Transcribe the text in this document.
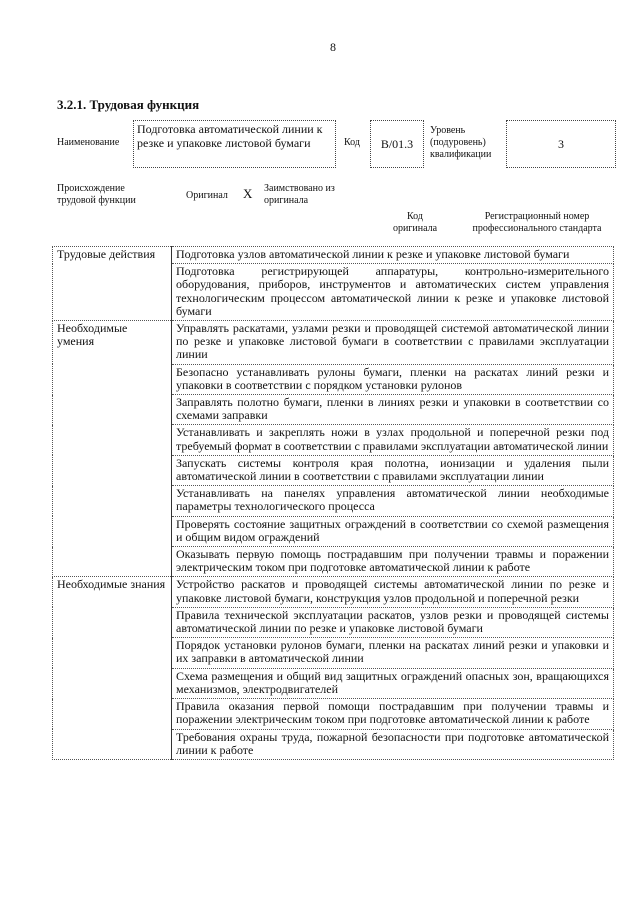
8
3.2.1. Трудовая функция
Наименование
Подготовка автоматической линии к резке и упаковке листовой бумаги	Код	B/01.3
Уровень (подуровень) квалификации
3
Происхождение трудовой функции	Оригинал X Заимствовано из оригинала
Код оригинала
Регистрационный номер профессионального стандарта
Трудовые действия	Подготовка узлов автоматической линии к резке и упаковке листовой бумаги
	Подготовка регистрирующей аппаратуры, контрольно-измерительного оборудования, приборов, инструментов и автоматических систем управления технологическим процессом автоматической линии к резке и упаковке листовой бумаги
Необходимые умения	Управлять раскатами, узлами резки и проводящей системой автоматической линии по резке и упаковке листовой бумаги в соответствии с правилами эксплуатации линии
	Безопасно устанавливать рулоны бумаги, пленки на раскатах линий резки и упаковки в соответствии с порядком установки рулонов
	Заправлять полотно бумаги, пленки в линиях резки и упаковки в соответствии со схемами заправки
	Устанавливать и закреплять ножи в узлах продольной и поперечной резки под требуемый формат в соответствии с правилами эксплуатации автоматической линии
	Запускать системы контроля края полотна, ионизации и удаления пыли автоматической линии в соответствии с правилами эксплуатации линии
	Устанавливать на панелях управления автоматической линии необходимые параметры технологического процесса
	Проверять состояние защитных ограждений в соответствии со схемой размещения и общим видом ограждений
	Оказывать первую помощь пострадавшим при получении травмы и поражении электрическим током при подготовке автоматической линии к работе
Необходимые знания	Устройство раскатов и проводящей системы автоматической линии по резке и упаковке листовой бумаги, конструкция узлов продольной и поперечной резки
	Правила технической эксплуатации раскатов, узлов резки и проводящей системы автоматической линии по резке и упаковке листовой бумаги
	Порядок установки рулонов бумаги, пленки на раскатах линий резки и упаковки и их заправки в автоматической линии
	Схема размещения и общий вид защитных ограждений опасных зон, вращающихся механизмов, электродвигателей
	Правила оказания первой помощи пострадавшим при получении травмы и поражении электрическим током при подготовке автоматической линии к работе
	Требования охраны труда, пожарной безопасности при подготовке автоматической линии к работе
